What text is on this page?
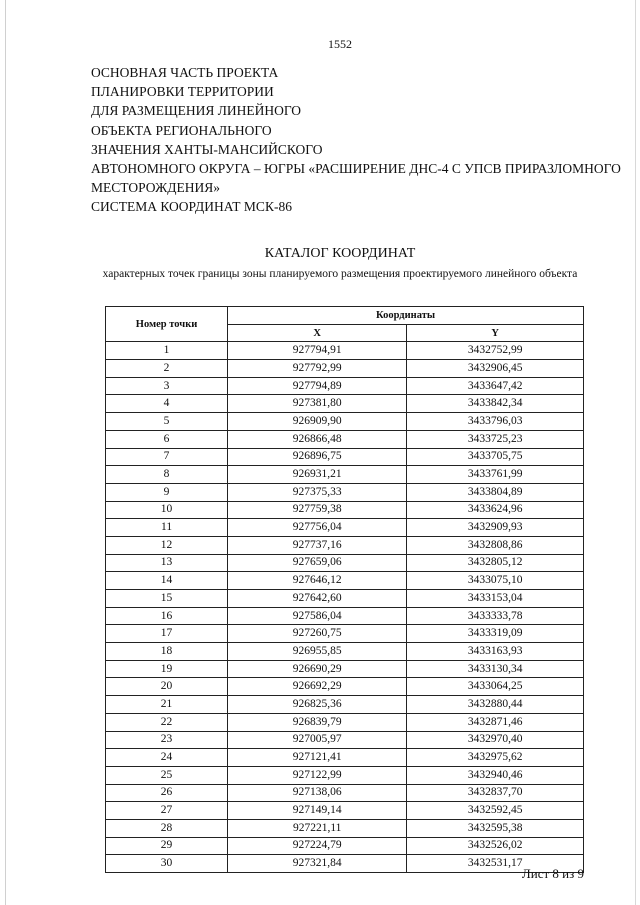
1552
ОСНОВНАЯ ЧАСТЬ ПРОЕКТА
ПЛАНИРОВКИ ТЕРРИТОРИИ
ДЛЯ РАЗМЕЩЕНИЯ ЛИНЕЙНОГО
ОБЪЕКТА РЕГИОНАЛЬНОГО
ЗНАЧЕНИЯ ХАНТЫ-МАНСИЙСКОГО
АВТОНОМНОГО ОКРУГА – ЮГРЫ «РАСШИРЕНИЕ ДНС-4 С УПСВ ПРИРАЗЛОМНОГО
МЕСТОРОЖДЕНИЯ»
СИСТЕМА КООРДИНАТ МСК-86
КАТАЛОГ КООРДИНАТ
характерных точек границы зоны планируемого размещения проектируемого линейного объекта
Номер точки	Координаты	
	X	Y
1	927794,91	3432752,99
2	927792,99	3432906,45
3	927794,89	3433647,42
4	927381,80	3433842,34
5	926909,90	3433796,03
6	926866,48	3433725,23
7	926896,75	3433705,75
8	926931,21	3433761,99
9	927375,33	3433804,89
10	927759,38	3433624,96
11	927756,04	3432909,93
12	927737,16	3432808,86
13	927659,06	3432805,12
14	927646,12	3433075,10
15	927642,60	3433153,04
16	927586,04	3433333,78
17	927260,75	3433319,09
18	926955,85	3433163,93
19	926690,29	3433130,34
20	926692,29	3433064,25
21	926825,36	3432880,44
22	926839,79	3432871,46
23	927005,97	3432970,40
24	927121,41	3432975,62
25	927122,99	3432940,46
26	927138,06	3432837,70
27	927149,14	3432592,45
28	927221,11	3432595,38
29	927224,79	3432526,02
30	927321,84	3432531,17
Лист 8 из 9
